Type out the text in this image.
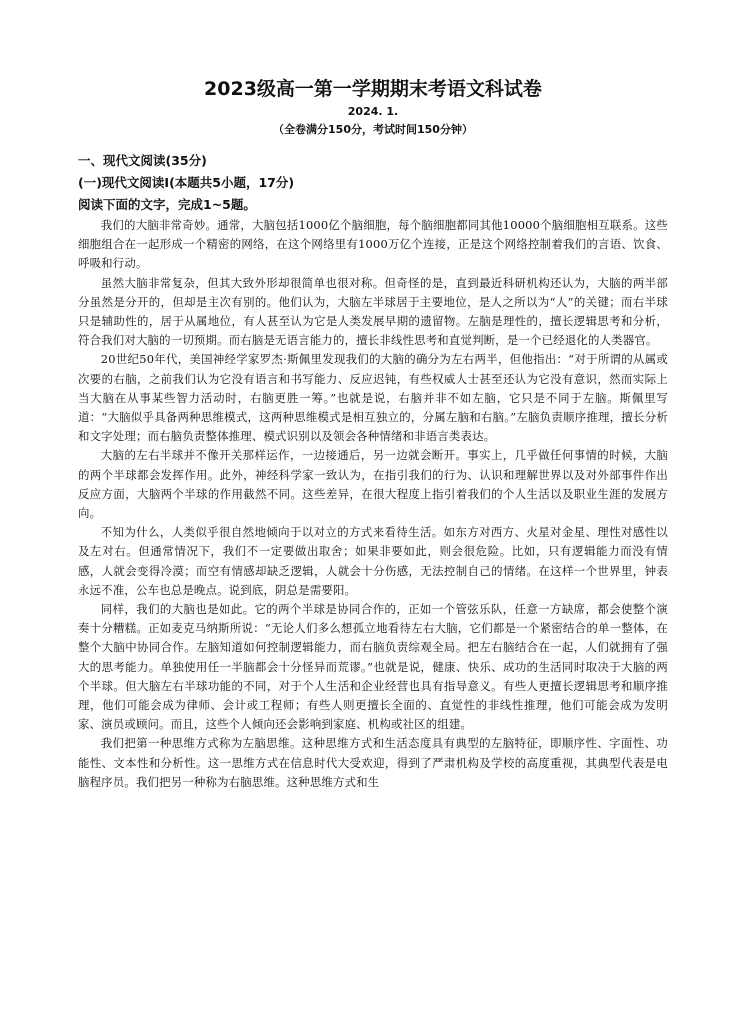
2023级高一第一学期期末考语文科试卷
2024. 1.
（全卷满分150分，考试时间150分钟）
一、现代文阅读(35分)
(一)现代文阅读Ⅰ(本题共5小题，17分)
阅读下面的文字，完成1~5题。

我们的大脑非常奇妙。通常，大脑包括1000亿个脑细胞，每个脑细胞都同其他10000个脑细胞相互联系。这些细胞组合在一起形成一个精密的网络，在这个网络里有1000万亿个连接，正是这个网络控制着我们的言语、饮食、呼吸和行动。

虽然大脑非常复杂，但其大致外形却很简单也很对称。但奇怪的是，直到最近科研机构还认为，大脑的两半部分虽然是分开的，但却是主次有别的。他们认为，大脑左半球居于主要地位，是人之所以为“人”的关键；而右半球只是辅助性的，居于从属地位，有人甚至认为它是人类发展早期的遗留物。左脑是理性的，擅长逻辑思考和分析，符合我们对大脑的一切预期。而右脑是无语言能力的，擅长非线性思考和直觉判断，是一个已经退化的人类器官。

20世纪50年代，美国神经学家罗杰·斯佩里发现我们的大脑的确分为左右两半，但他指出：“对于所谓的从属或次要的右脑，之前我们认为它没有语言和书写能力、反应迟钝，有些权威人士甚至还认为它没有意识，然而实际上当大脑在从事某些智力活动时，右脑更胜一筹。”也就是说，右脑并非不如左脑，它只是不同于左脑。斯佩里写道：“大脑似乎具备两种思维模式，这两种思维模式是相互独立的，分属左脑和右脑。”左脑负责顺序推理，擅长分析和文字处理；而右脑负责整体推理、模式识别以及领会各种情绪和非语言类表达。

大脑的左右半球并不像开关那样运作，一边接通后，另一边就会断开。事实上，几乎做任何事情的时候，大脑的两个半球都会发挥作用。此外，神经科学家一致认为，在指引我们的行为、认识和理解世界以及对外部事件作出反应方面，大脑两个半球的作用截然不同。这些差异，在很大程度上指引着我们的个人生活以及职业生涯的发展方向。

不知为什么，人类似乎很自然地倾向于以对立的方式来看待生活。如东方对西方、火星对金星、理性对感性以及左对右。但通常情况下，我们不一定要做出取舍；如果非要如此，则会很危险。比如，只有逻辑能力而没有情感，人就会变得冷漠；而空有情感却缺乏逻辑，人就会十分伤感，无法控制自己的情绪。在这样一个世界里，钟表永远不准，公车也总是晚点。说到底，阴总是需要阳。

同样，我们的大脑也是如此。它的两个半球是协同合作的，正如一个管弦乐队，任意一方缺席，都会使整个演奏十分糟糕。正如麦克马纳斯所说：“无论人们多么想孤立地看待左右大脑，它们都是一个紧密结合的单一整体，在整个大脑中协同合作。左脑知道如何控制逻辑能力，而右脑负责综观全局。把左右脑结合在一起，人们就拥有了强大的思考能力。单独使用任一半脑都会十分怪异而荒谬。”也就是说，健康、快乐、成功的生活同时取决于大脑的两个半球。但大脑左右半球功能的不同，对于个人生活和企业经营也具有指导意义。有些人更擅长逻辑思考和顺序推理，他们可能会成为律师、会计或工程师；有些人则更擅长全面的、直觉性的非线性推理，他们可能会成为发明家、演员或顾问。而且，这些个人倾向还会影响到家庭、机构或社区的组建。

我们把第一种思维方式称为左脑思维。这种思维方式和生活态度具有典型的左脑特征，即顺序性、字面性、功能性、文本性和分析性。这一思维方式在信息时代大受欢迎，得到了严肃机构及学校的高度重视，其典型代表是电脑程序员。我们把另一种称为右脑思维。这种思维方式和生
